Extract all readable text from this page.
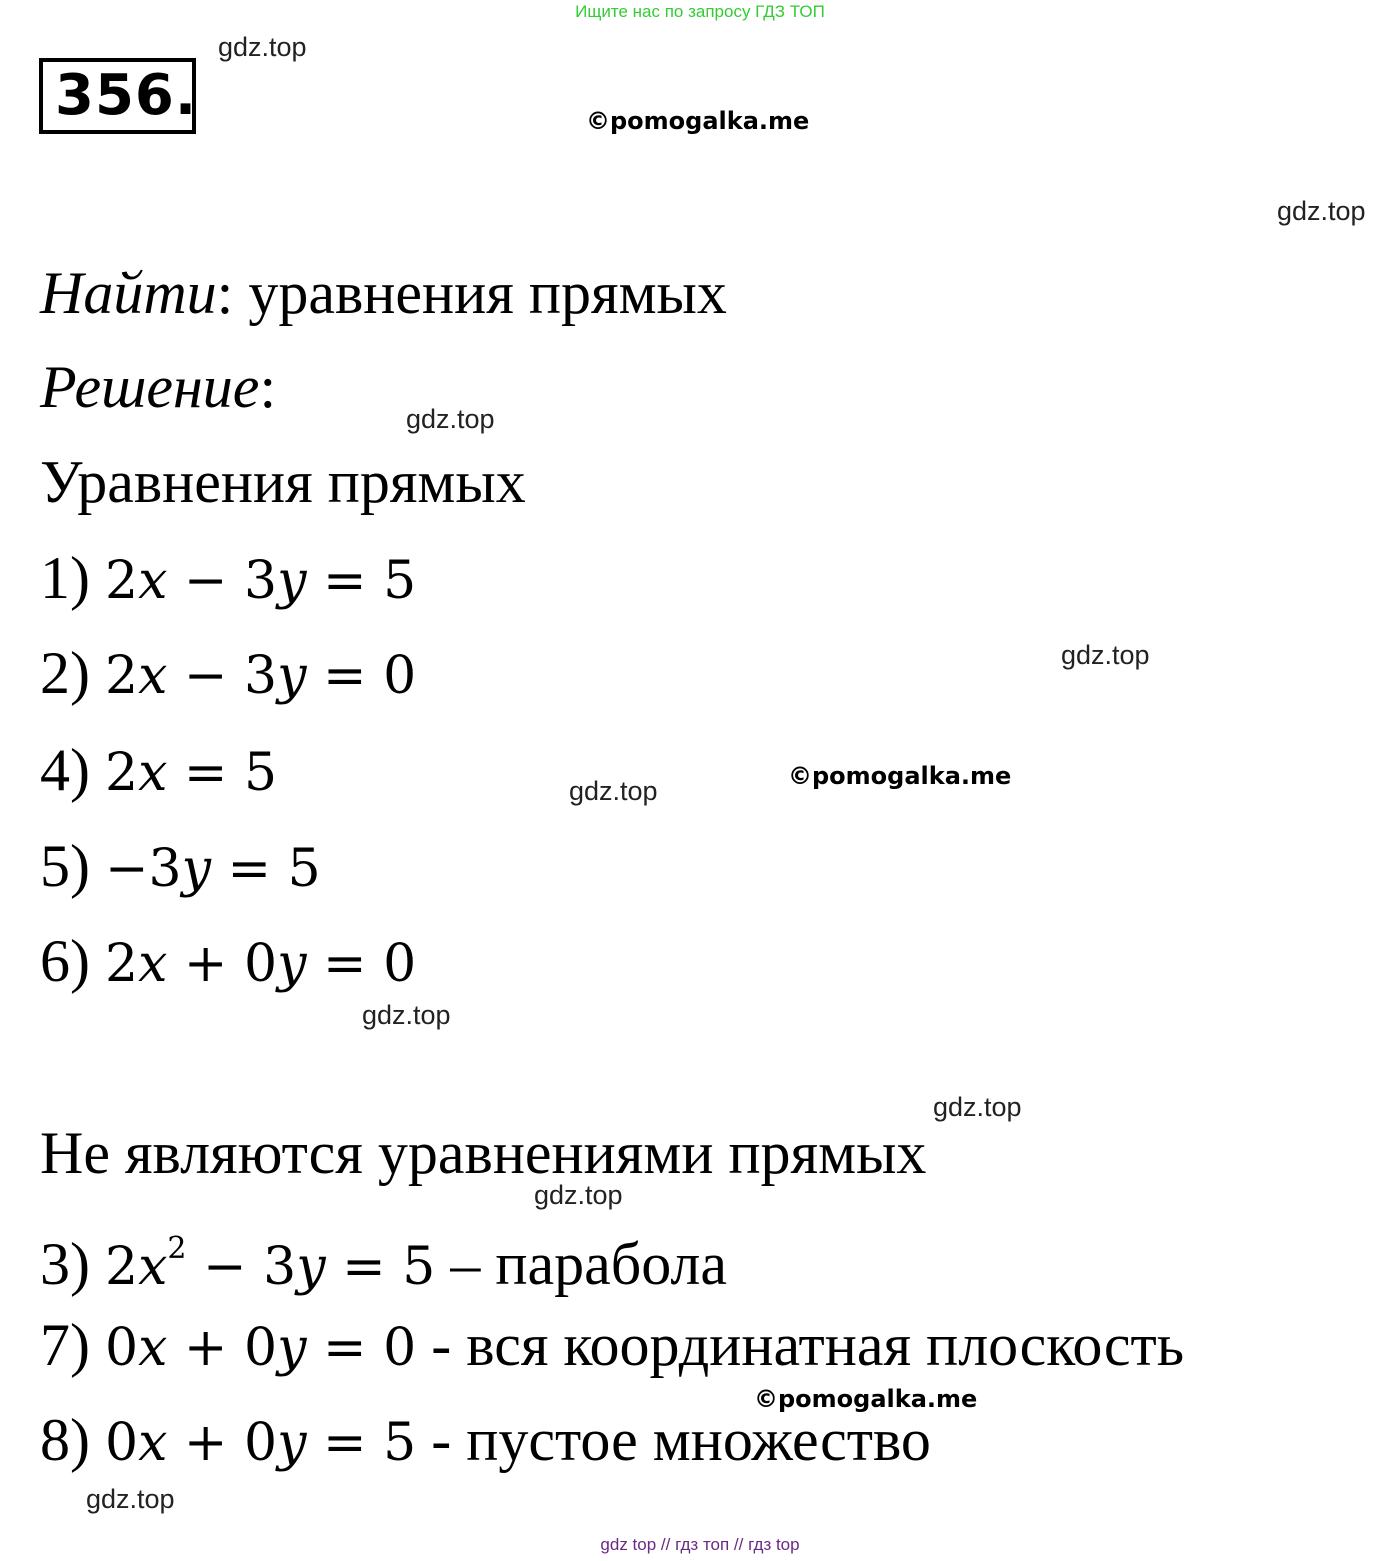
Ищите нас по запросу ГДЗ ТОП
356.
gdz.top
©pomogalka.me
gdz.top
Найти: уравнения прямых
Решение:	gdz.top
Уравнения прямых
1) 2x − 3y = 5
2) 2x − 3y = 0	gdz.top
4) 2x = 5	gdz.top	©pomogalka.me
5) −3y = 5
6) 2x + 0y = 0
gdz.top
gdz.top
Не являются уравнениями прямых
gdz.top
3) $2x^2 - 3y = 5$ – парабола
7) 0x + 0y = 0 - вся координатная плоскость
©pomogalka.me
8) 0x + 0y = 5 - пустое множество
gdz.top
gdz top // гдз топ // гдз top
